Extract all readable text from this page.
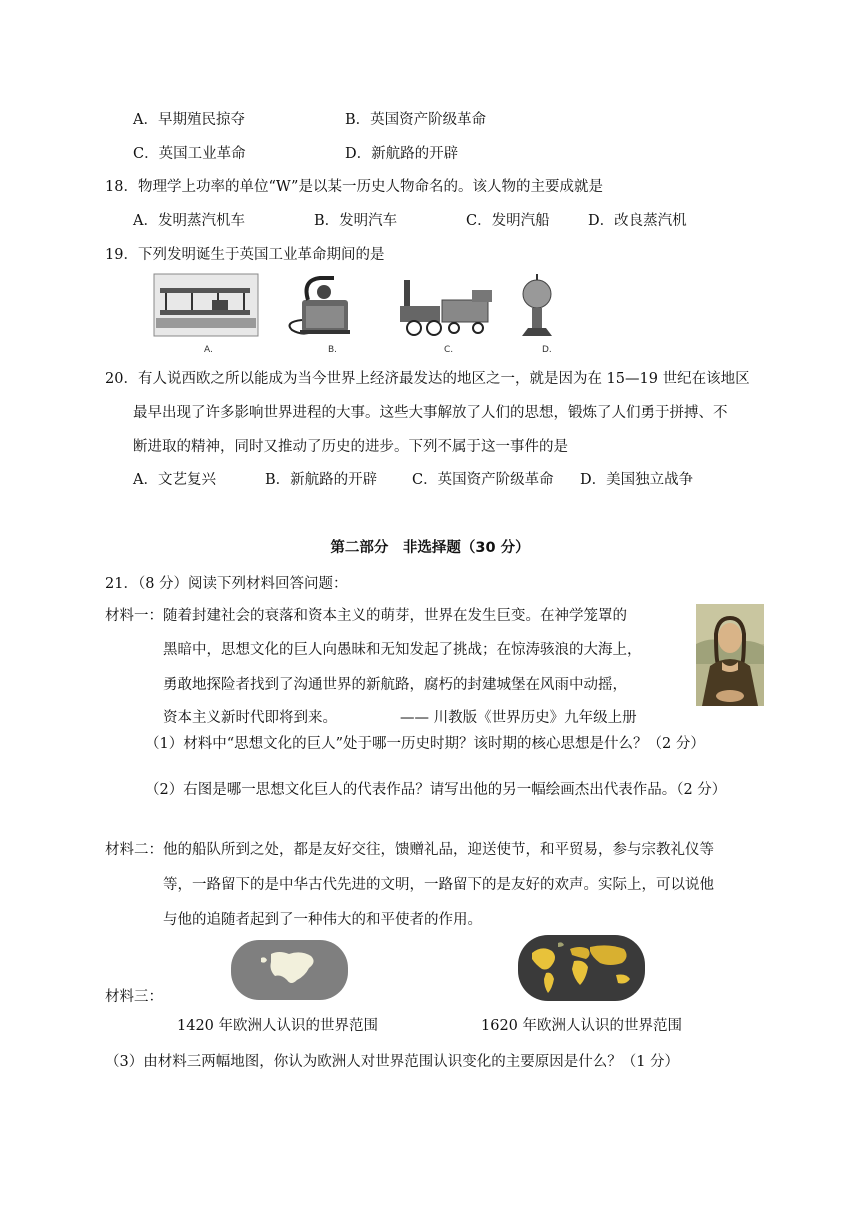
A．早期殖民掠夺	B．英国资产阶级革命
C．英国工业革命	D．新航路的开辟
18．物理学上功率的单位“W”是以某一历史人物命名的。该人物的主要成就是
A．发明蒸汽机车	B．发明汽车	C．发明汽船	D．改良蒸汽机
19．下列发明诞生于英国工业革命期间的是
A.	B.	C.	D.
20．有人说西欧之所以能成为当今世界上经济最发达的地区之一，就是因为在 15—19 世纪在该地区
最早出现了许多影响世界进程的大事。这些大事解放了人们的思想，锻炼了人们勇于拼搏、不
断进取的精神，同时又推动了历史的进步。下列不属于这一事件的是
A．文艺复兴	B．新航路的开辟 C．英国资产阶级革命 D．美国独立战争
第二部分　非选择题（30 分）
21．（8 分）阅读下列材料回答问题：
材料一：随着封建社会的衰落和资本主义的萌芽，世界在发生巨变。在神学笼罩的
黑暗中，思想文化的巨人向愚昧和无知发起了挑战；在惊涛骇浪的大海上，
勇敢地探险者找到了沟通世界的新航路，腐朽的封建城堡在风雨中动摇，
资本主义新时代即将到来。	—— 川教版《世界历史》九年级上册
（1）材料中“思想文化的巨人”处于哪一历史时期？该时期的核心思想是什么？（2 分）
（2）右图是哪一思想文化巨人的代表作品？请写出他的另一幅绘画杰出代表作品。（2 分）
材料二：他的船队所到之处，都是友好交往，馈赠礼品，迎送使节，和平贸易，参与宗教礼仪等
等，一路留下的是中华古代先进的文明，一路留下的是友好的欢声。实际上，可以说他
与他的追随者起到了一种伟大的和平使者的作用。
材料三：
1420 年欧洲人认识的世界范围	1620 年欧洲人认识的世界范围
（3）由材料三两幅地图，你认为欧洲人对世界范围认识变化的主要原因是什么？（1 分）
